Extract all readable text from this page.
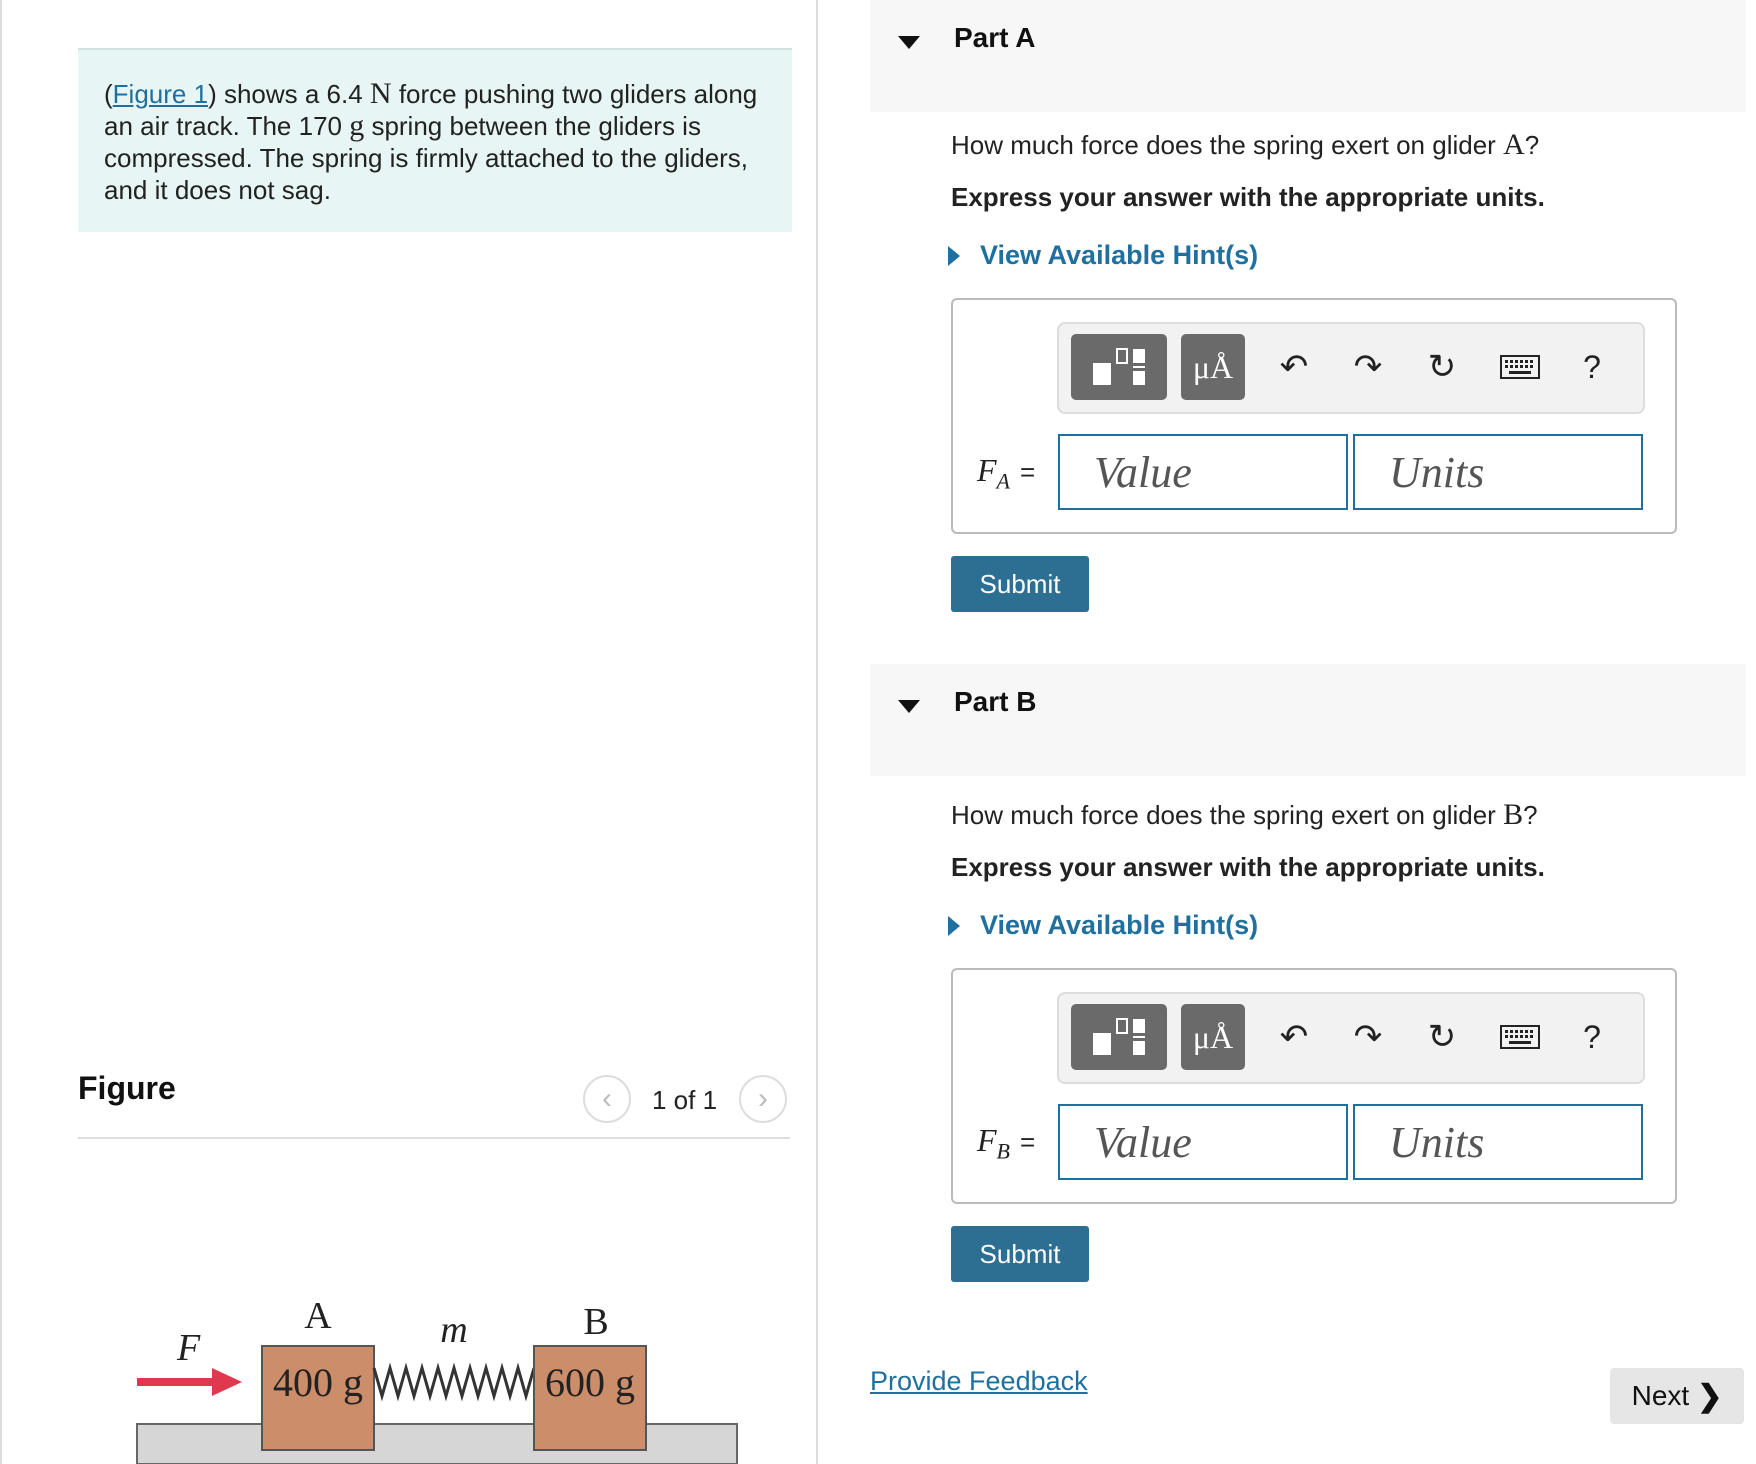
(Figure 1) shows a 6.4 N force pushing two gliders along an air track. The 170 g spring between the gliders is compressed. The spring is firmly attached to the gliders, and it does not sag.
Figure	‹ 1 of 1 ›
F
400 g
A	m
600 g
B
Part A
How much force does the spring exert on glider A?
Express your answer with the appropriate units.
View Available Hint(s)
μÅ ↶ ↷ ↻	?
$F_A$ =
Value
Units
Submit
Part B
How much force does the spring exert on glider B?
Express your answer with the appropriate units.
View Available Hint(s)
μÅ ↶ ↷ ↻	?
$F_B$ =
Value
Units
Submit
Provide Feedback	Next ❯
